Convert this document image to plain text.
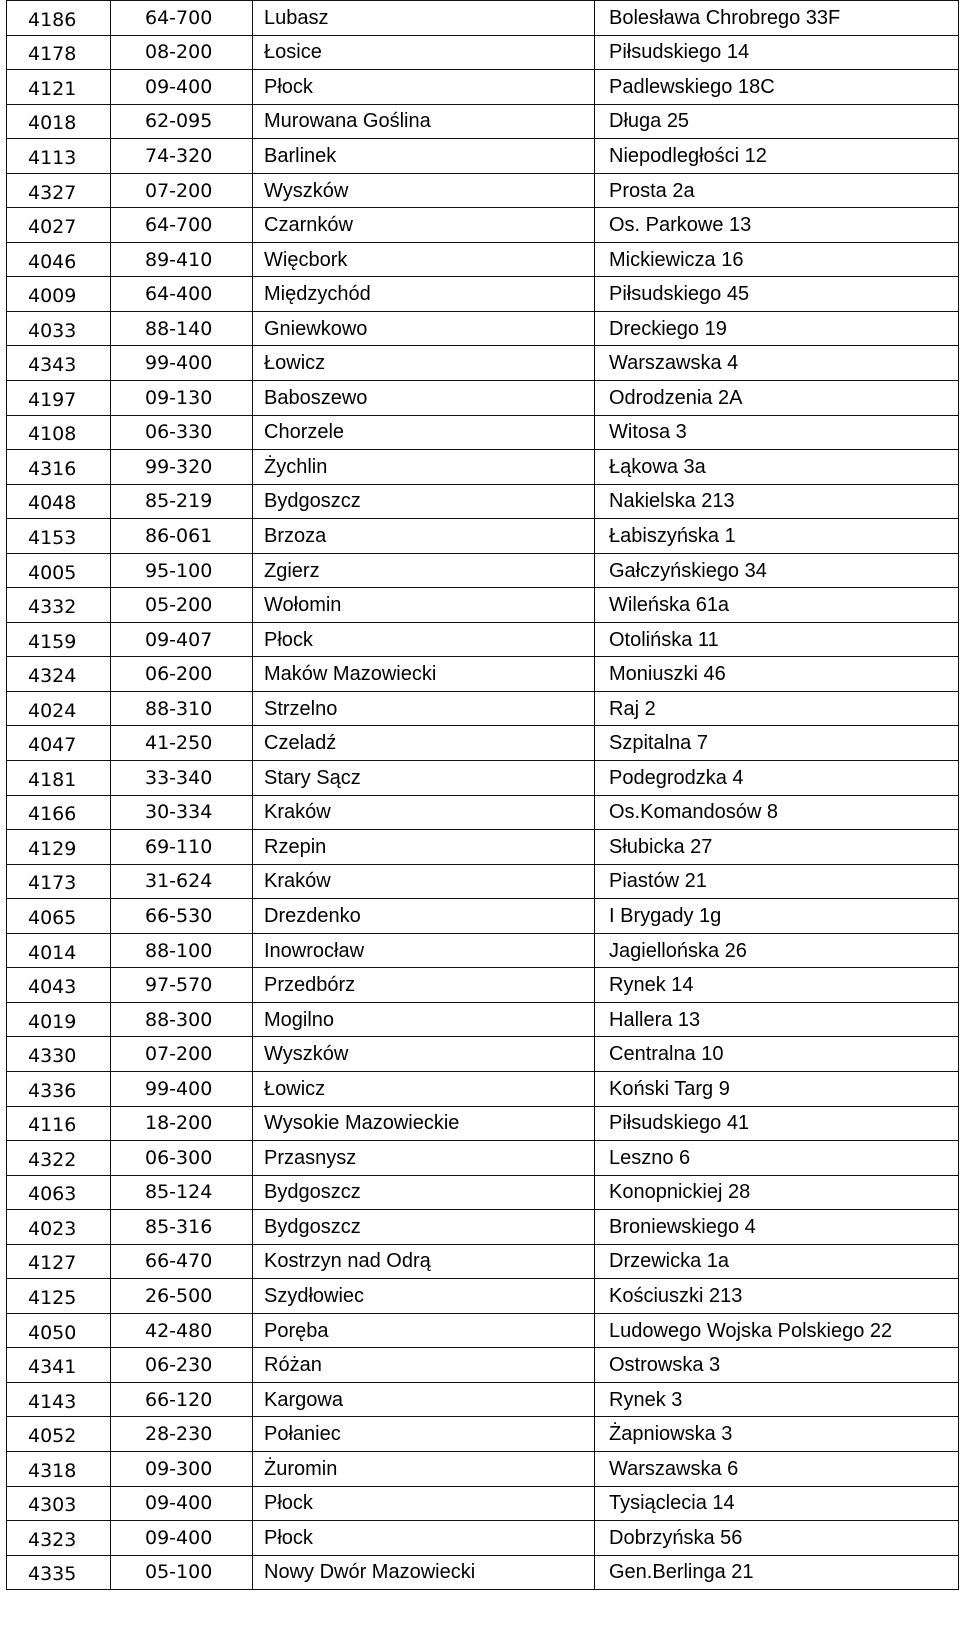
4186	64-700	Lubasz	Bolesława Chrobrego 33F
4178	08-200	Łosice	Piłsudskiego 14
4121	09-400	Płock	Padlewskiego 18C
4018	62-095	Murowana Goślina	Długa 25
4113	74-320	Barlinek	Niepodległości 12
4327	07-200	Wyszków	Prosta 2a
4027	64-700	Czarnków	Os. Parkowe 13
4046	89-410	Więcbork	Mickiewicza 16
4009	64-400	Międzychód	Piłsudskiego 45
4033	88-140	Gniewkowo	Dreckiego 19
4343	99-400	Łowicz	Warszawska 4
4197	09-130	Baboszewo	Odrodzenia 2A
4108	06-330	Chorzele	Witosa 3
4316	99-320	Żychlin	Łąkowa 3a
4048	85-219	Bydgoszcz	Nakielska 213
4153	86-061	Brzoza	Łabiszyńska 1
4005	95-100	Zgierz	Gałczyńskiego 34
4332	05-200	Wołomin	Wileńska 61a
4159	09-407	Płock	Otolińska 11
4324	06-200	Maków Mazowiecki	Moniuszki 46
4024	88-310	Strzelno	Raj 2
4047	41-250	Czeladź	Szpitalna 7
4181	33-340	Stary Sącz	Podegrodzka 4
4166	30-334	Kraków	Os.Komandosów 8
4129	69-110	Rzepin	Słubicka 27
4173	31-624	Kraków	Piastów 21
4065	66-530	Drezdenko	I Brygady 1g
4014	88-100	Inowrocław	Jagiellońska 26
4043	97-570	Przedbórz	Rynek 14
4019	88-300	Mogilno	Hallera 13
4330	07-200	Wyszków	Centralna 10
4336	99-400	Łowicz	Koński Targ 9
4116	18-200	Wysokie Mazowieckie	Piłsudskiego 41
4322	06-300	Przasnysz	Leszno 6
4063	85-124	Bydgoszcz	Konopnickiej 28
4023	85-316	Bydgoszcz	Broniewskiego 4
4127	66-470	Kostrzyn nad Odrą	Drzewicka 1a
4125	26-500	Szydłowiec	Kościuszki 213
4050	42-480	Poręba	Ludowego Wojska Polskiego 22
4341	06-230	Różan	Ostrowska 3
4143	66-120	Kargowa	Rynek 3
4052	28-230	Połaniec	Żapniowska 3
4318	09-300	Żuromin	Warszawska 6
4303	09-400	Płock	Tysiąclecia 14
4323	09-400	Płock	Dobrzyńska 56
4335	05-100	Nowy Dwór Mazowiecki	Gen.Berlinga 21
